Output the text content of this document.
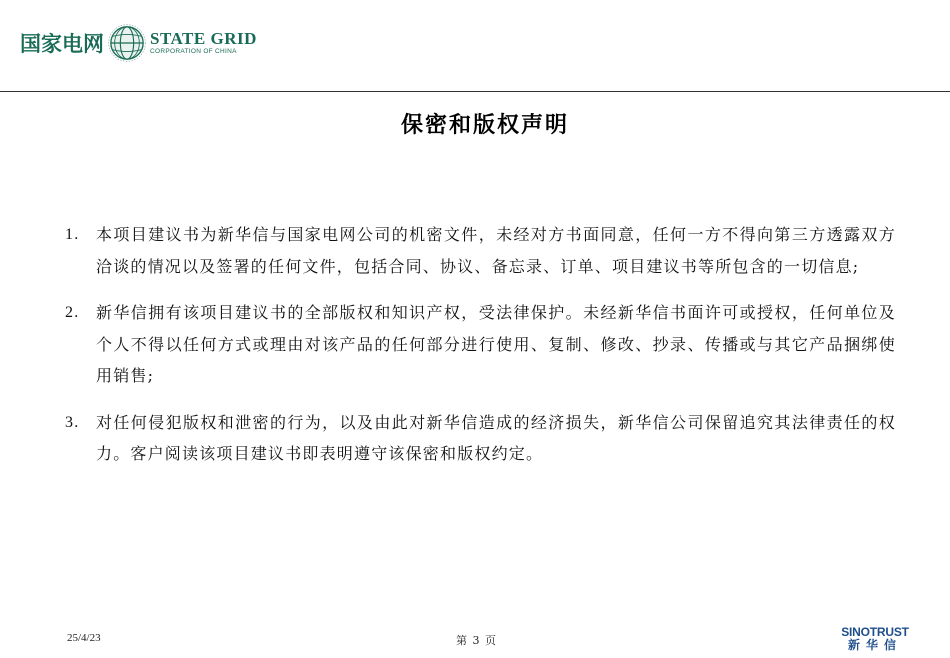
国家电网	STATE GRID
CORPORATION OF CHINA
保密和版权声明
1. 本项目建议书为新华信与国家电网公司的机密文件，未经对方书面同意，任何一方不得向第三方透露双方洽谈的情况以及签署的任何文件，包括合同、协议、备忘录、订单、项目建议书等所包含的一切信息;
2. 新华信拥有该项目建议书的全部版权和知识产权，受法律保护。未经新华信书面许可或授权，任何单位及个人不得以任何方式或理由对该产品的任何部分进行使用、复制、修改、抄录、传播或与其它产品捆绑使用销售;
3. 对任何侵犯版权和泄密的行为，以及由此对新华信造成的经济损失，新华信公司保留追究其法律责任的权力。客户阅读该项目建议书即表明遵守该保密和版权约定。
25/4/23	第 3 页
SINOTRUST
新华信
